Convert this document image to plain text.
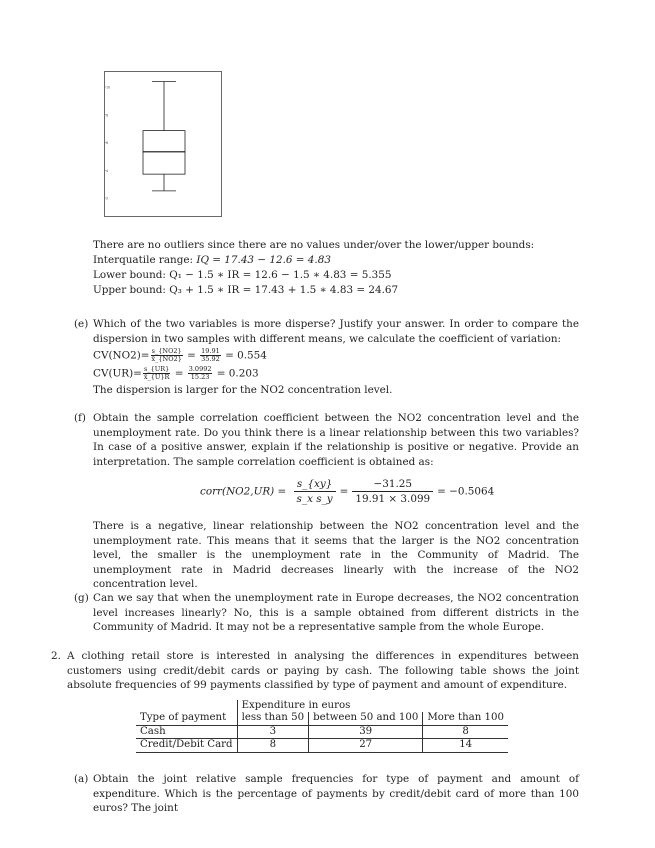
2
4
6
8
10
There are no outliers since there are no values under/over the lower/upper bounds:
Interquatile range: IQ = 17.43 − 12.6 = 4.83
Lower bound: Q₁ − 1.5 ∗ IR = 12.6 − 1.5 ∗ 4.83 = 5.355
Upper bound: Q₃ + 1.5 ∗ IR = 17.43 + 1.5 ∗ 4.83 = 24.67
(e) Which of the two variables is more disperse? Justify your answer. In order to compare the dispersion in two samples with different means, we calculate the coefficient of variation:
$CV(NO2)= \frac{s\_\{NO2\}}{x̄\_\{NO2\}} = \frac{19.91}{35.92} = 0.554$
$CV(UR)= \frac{s\_\{UR\}}{x̄\_\{U\}R} = \frac{3.0992}{15.23} = 0.203$
The dispersion is larger for the NO2 concentration level.
(f) Obtain the sample correlation coefficient between the NO2 concentration level and the unemployment rate. Do you think there is a linear relationship between this two variables? In case of a positive answer, explain if the relationship is positive or negative. Provide an interpretation. The sample correlation coefficient is obtained as:
corr(NO2,UR) = $\frac{s\_\{xy\}}{\text{s\_x s\_y}} = \frac{-31.25}{19.91 \times 3.099} = -0.5064$
There is a negative, linear relationship between the NO2 concentration level and the unemployment rate. This means that it seems that the larger is the NO2 concentration level, the smaller is the unemployment rate in the Community of Madrid. The unemployment rate in Madrid decreases linearly with the increase of the NO2 concentration level.
(g) Can we say that when the unemployment rate in Europe decreases, the NO2 concentration level increases linearly? No, this is a sample obtained from different districts in the Community of Madrid. It may not be a representative sample from the whole Europe.
2. A clothing retail store is interested in analysing the differences in expenditures between customers using credit/debit cards or paying by cash. The following table shows the joint absolute frequencies of 99 payments classified by type of payment and amount of expenditure.
	Expenditure in euros		
Type of payment	less than 50	between 50 and 100	More than 100
Cash	3	39	8
Credit/Debit Card	8	27	14
(a) Obtain the joint relative sample frequencies for type of payment and amount of expenditure. Which is the percentage of payments by credit/debit card of more than 100 euros? The joint
